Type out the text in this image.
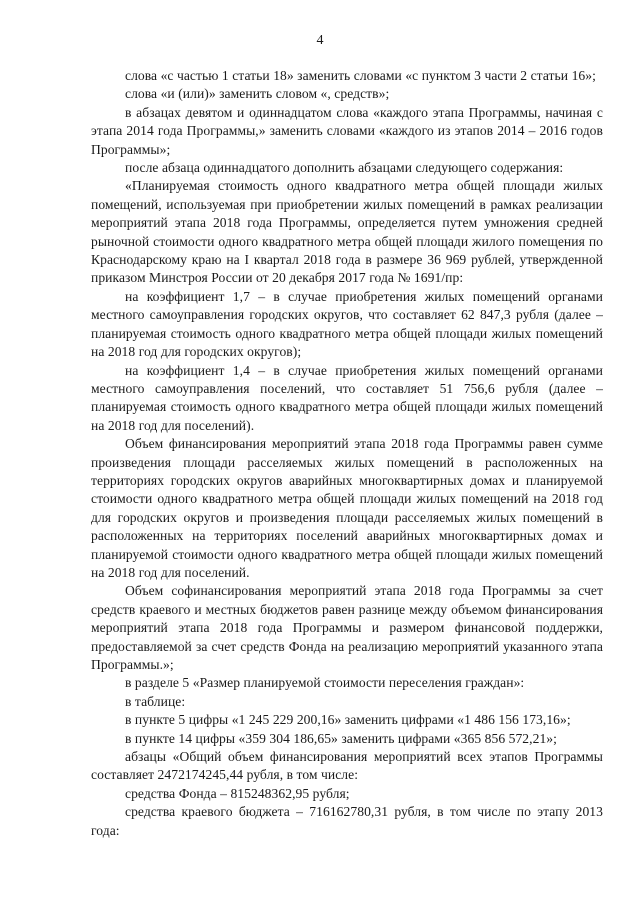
4

слова «с частью 1 статьи 18» заменить словами «с пунктом 3 части 2 статьи 16»;

слова «и (или)» заменить словом «, средств»;

в абзацах девятом и одиннадцатом слова «каждого этапа Программы, начиная с этапа 2014 года Программы,» заменить словами «каждого из этапов 2014 – 2016 годов Программы»;

после абзаца одиннадцатого дополнить абзацами следующего содержания:

«Планируемая стоимость одного квадратного метра общей площади жилых помещений, используемая при приобретении жилых помещений в рамках реализации мероприятий этапа 2018 года Программы, определяется путем умножения средней рыночной стоимости одного квадратного метра общей площади жилого помещения по Краснодарскому краю на I квартал 2018 года в размере 36 969 рублей, утвержденной приказом Минстроя России от 20 декабря 2017 года № 1691/пр:

на коэффициент 1,7 – в случае приобретения жилых помещений органами местного самоуправления городских округов, что составляет 62 847,3 рубля (далее – планируемая стоимость одного квадратного метра общей площади жилых помещений на 2018 год для городских округов);

на коэффициент 1,4 – в случае приобретения жилых помещений органами местного самоуправления поселений, что составляет 51 756,6 рубля (далее – планируемая стоимость одного квадратного метра общей площади жилых помещений на 2018 год для поселений).

Объем финансирования мероприятий этапа 2018 года Программы равен сумме произведения площади расселяемых жилых помещений в расположенных на территориях городских округов аварийных многоквартирных домах и планируемой стоимости одного квадратного метра общей площади жилых помещений на 2018 год для городских округов и произведения площади расселяемых жилых помещений в расположенных на территориях поселений аварийных многоквартирных домах и планируемой стоимости одного квадратного метра общей площади жилых помещений на 2018 год для поселений.

Объем софинансирования мероприятий этапа 2018 года Программы за счет средств краевого и местных бюджетов равен разнице между объемом финансирования мероприятий этапа 2018 года Программы и размером финансовой поддержки, предоставляемой за счет средств Фонда на реализацию мероприятий указанного этапа Программы.»;

в разделе 5 «Размер планируемой стоимости переселения граждан»:

в таблице:

в пункте 5 цифры «1 245 229 200,16» заменить цифрами «1 486 156 173,16»;

в пункте 14 цифры «359 304 186,65» заменить цифрами «365 856 572,21»;

абзацы «Общий объем финансирования мероприятий всех этапов Программы составляет 2472174245,44 рубля, в том числе:

средства Фонда – 815248362,95 рубля;

средства краевого бюджета – 716162780,31 рубля, в том числе по этапу 2013 года:
